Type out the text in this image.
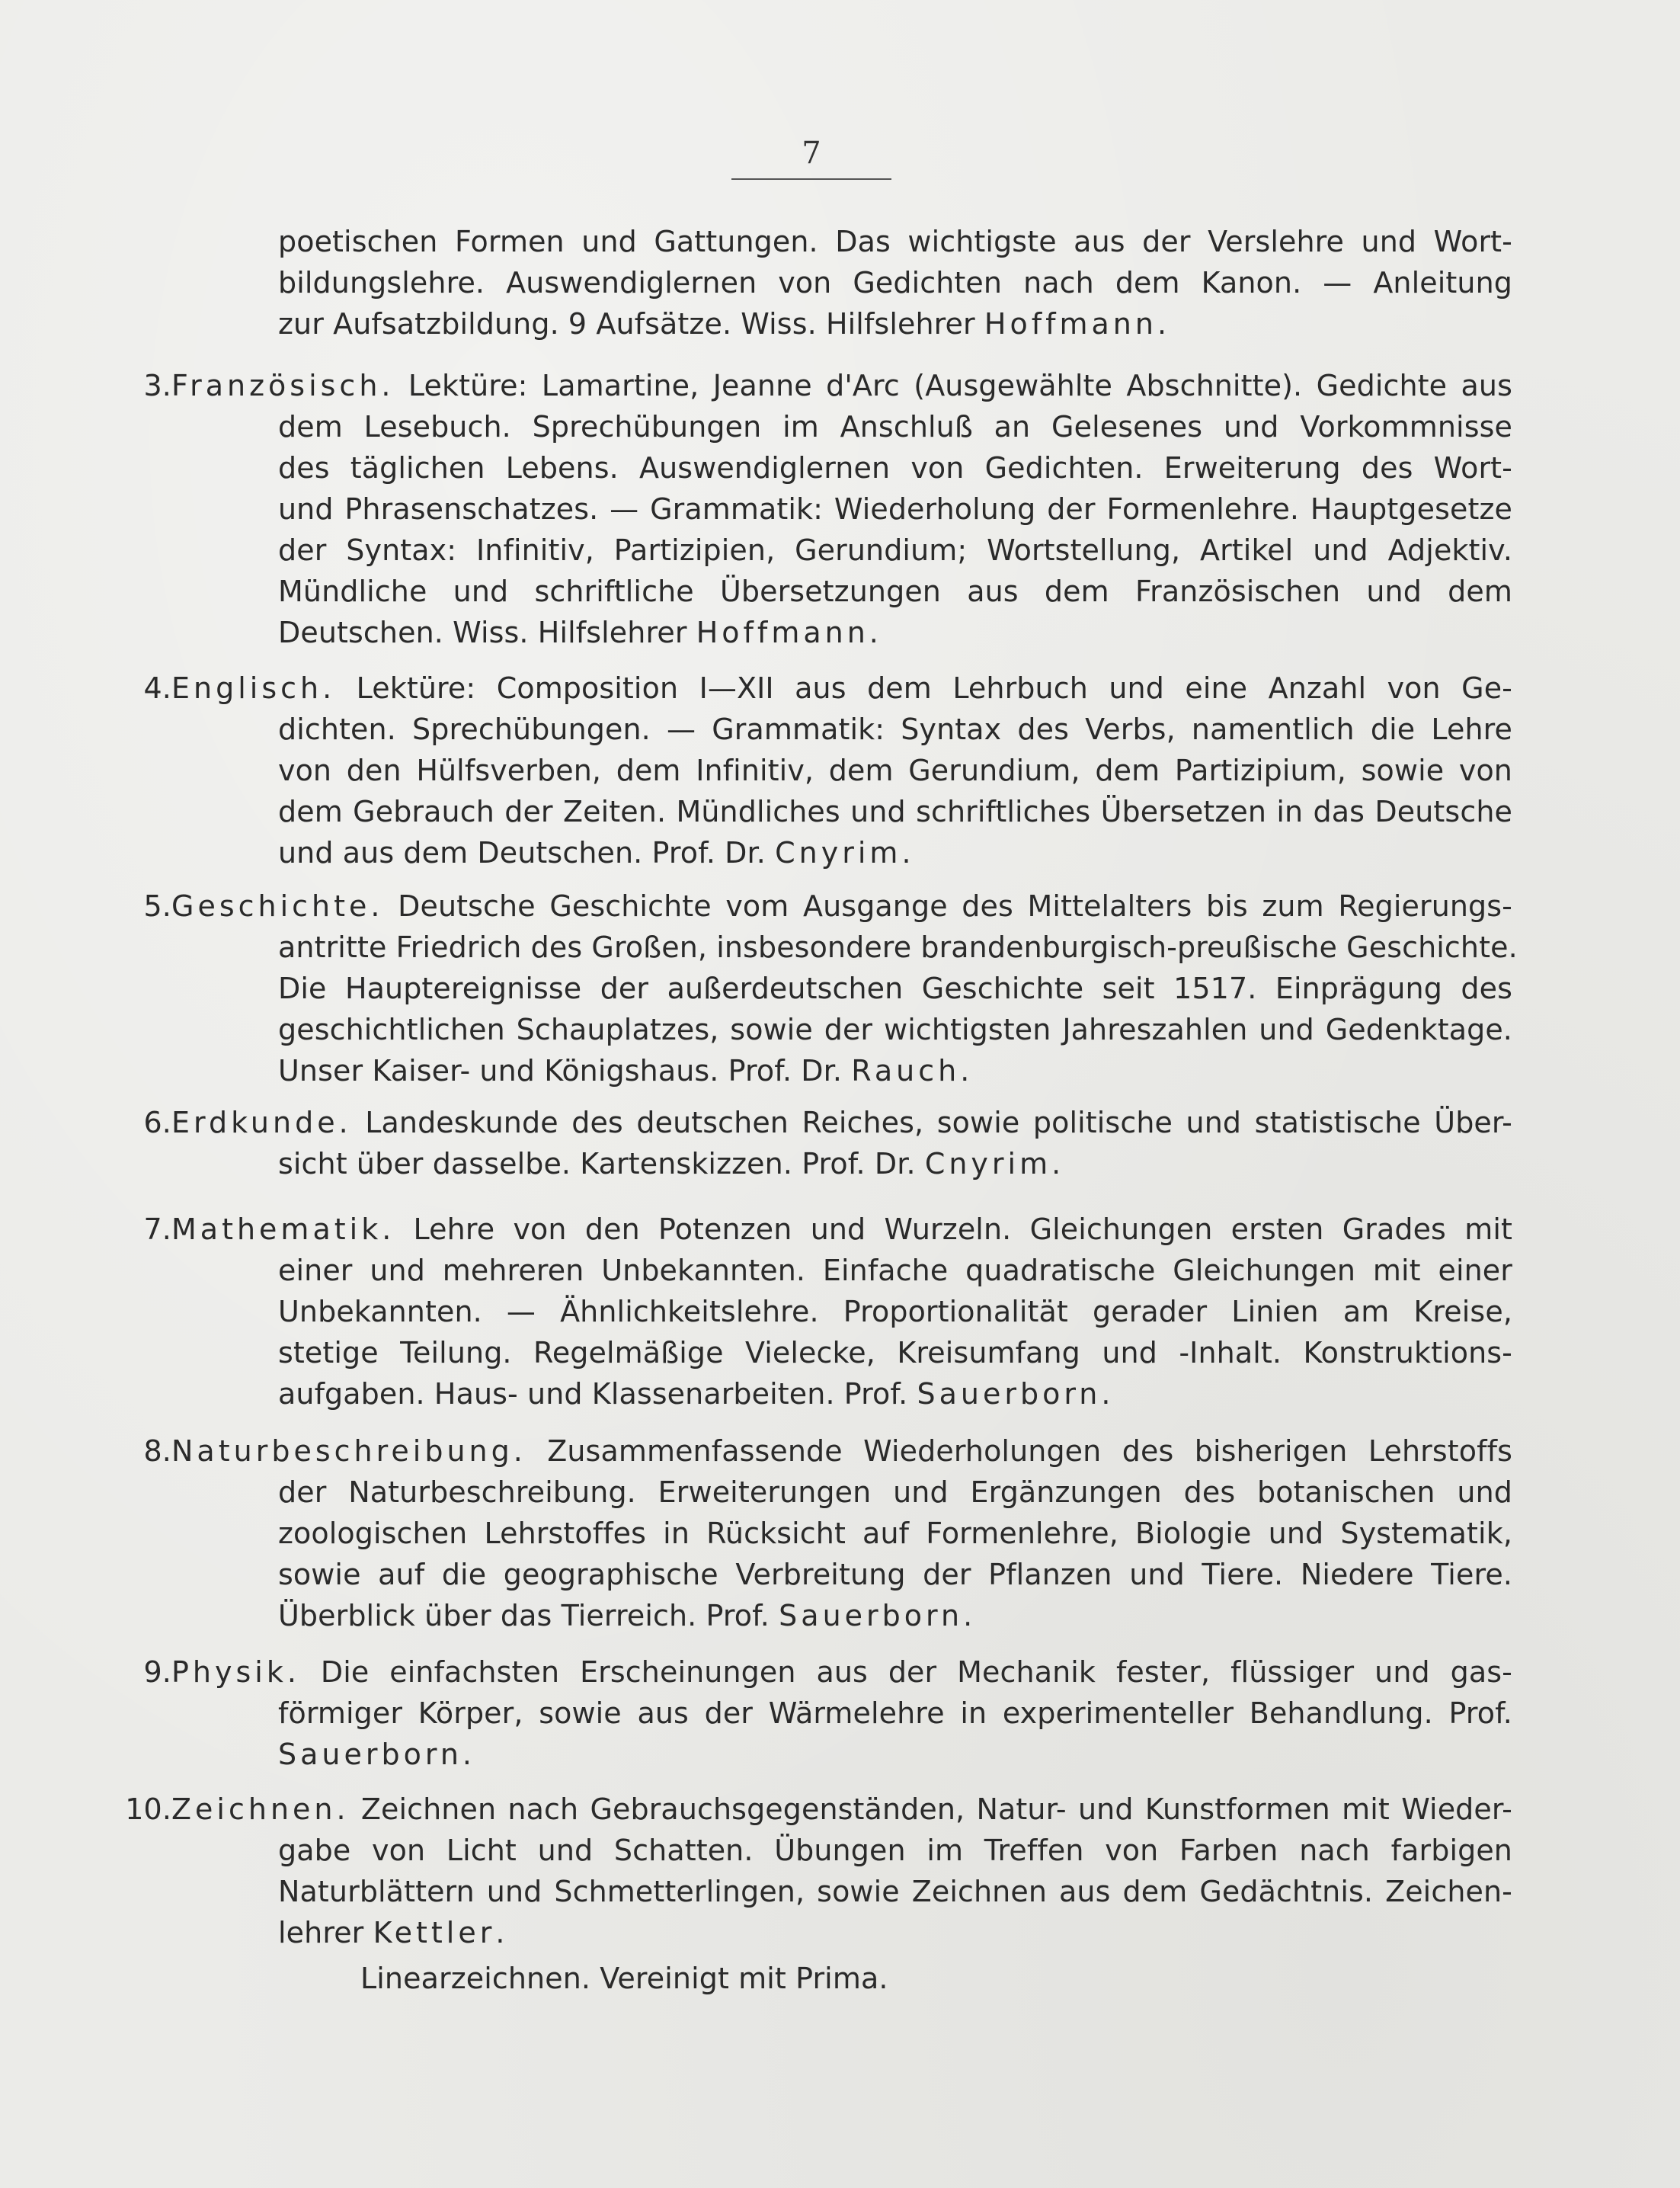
7
poetischen Formen und Gattungen. Das wichtigste aus der Verslehre und Wort-
bildungslehre. Auswendiglernen von Gedichten nach dem Kanon. — Anleitung
zur Aufsatzbildung. 9 Aufsätze. Wiss. Hilfslehrer Hoffmann.
3. Französisch. Lektüre: Lamartine, Jeanne d'Arc (Ausgewählte Abschnitte). Gedichte aus
dem Lesebuch. Sprechübungen im Anschluß an Gelesenes und Vorkommnisse
des täglichen Lebens. Auswendiglernen von Gedichten. Erweiterung des Wort-
und Phrasenschatzes. — Grammatik: Wiederholung der Formenlehre. Hauptgesetze
der Syntax: Infinitiv, Partizipien, Gerundium; Wortstellung, Artikel und Adjektiv.
Mündliche und schriftliche Übersetzungen aus dem Französischen und dem
Deutschen. Wiss. Hilfslehrer Hoffmann.
4. Englisch. Lektüre: Composition I—XII aus dem Lehrbuch und eine Anzahl von Ge-
dichten. Sprechübungen. — Grammatik: Syntax des Verbs, namentlich die Lehre
von den Hülfsverben, dem Infinitiv, dem Gerundium, dem Partizipium, sowie von
dem Gebrauch der Zeiten. Mündliches und schriftliches Übersetzen in das Deutsche
und aus dem Deutschen. Prof. Dr. Cnyrim.
5. Geschichte. Deutsche Geschichte vom Ausgange des Mittelalters bis zum Regierungs-
antritte Friedrich des Großen, insbesondere brandenburgisch-preußische Geschichte.
Die Hauptereignisse der außerdeutschen Geschichte seit 1517. Einprägung des
geschichtlichen Schauplatzes, sowie der wichtigsten Jahreszahlen und Gedenktage.
Unser Kaiser- und Königshaus. Prof. Dr. Rauch.
6. Erdkunde. Landeskunde des deutschen Reiches, sowie politische und statistische Über-
sicht über dasselbe. Kartenskizzen. Prof. Dr. Cnyrim.
7. Mathematik. Lehre von den Potenzen und Wurzeln. Gleichungen ersten Grades mit
einer und mehreren Unbekannten. Einfache quadratische Gleichungen mit einer
Unbekannten. — Ähnlichkeitslehre. Proportionalität gerader Linien am Kreise,
stetige Teilung. Regelmäßige Vielecke, Kreisumfang und -Inhalt. Konstruktions-
aufgaben. Haus- und Klassenarbeiten. Prof. Sauerborn.
8. Naturbeschreibung. Zusammenfassende Wiederholungen des bisherigen Lehrstoffs
der Naturbeschreibung. Erweiterungen und Ergänzungen des botanischen und
zoologischen Lehrstoffes in Rücksicht auf Formenlehre, Biologie und Systematik,
sowie auf die geographische Verbreitung der Pflanzen und Tiere. Niedere Tiere.
Überblick über das Tierreich. Prof. Sauerborn.
9. Physik. Die einfachsten Erscheinungen aus der Mechanik fester, flüssiger und gas-
förmiger Körper, sowie aus der Wärmelehre in experimenteller Behandlung. Prof.
Sauerborn.
10. Zeichnen. Zeichnen nach Gebrauchsgegenständen, Natur- und Kunstformen mit Wieder-
gabe von Licht und Schatten. Übungen im Treffen von Farben nach farbigen
Naturblättern und Schmetterlingen, sowie Zeichnen aus dem Gedächtnis. Zeichen-
lehrer Kettler.
Linearzeichnen. Vereinigt mit Prima.
